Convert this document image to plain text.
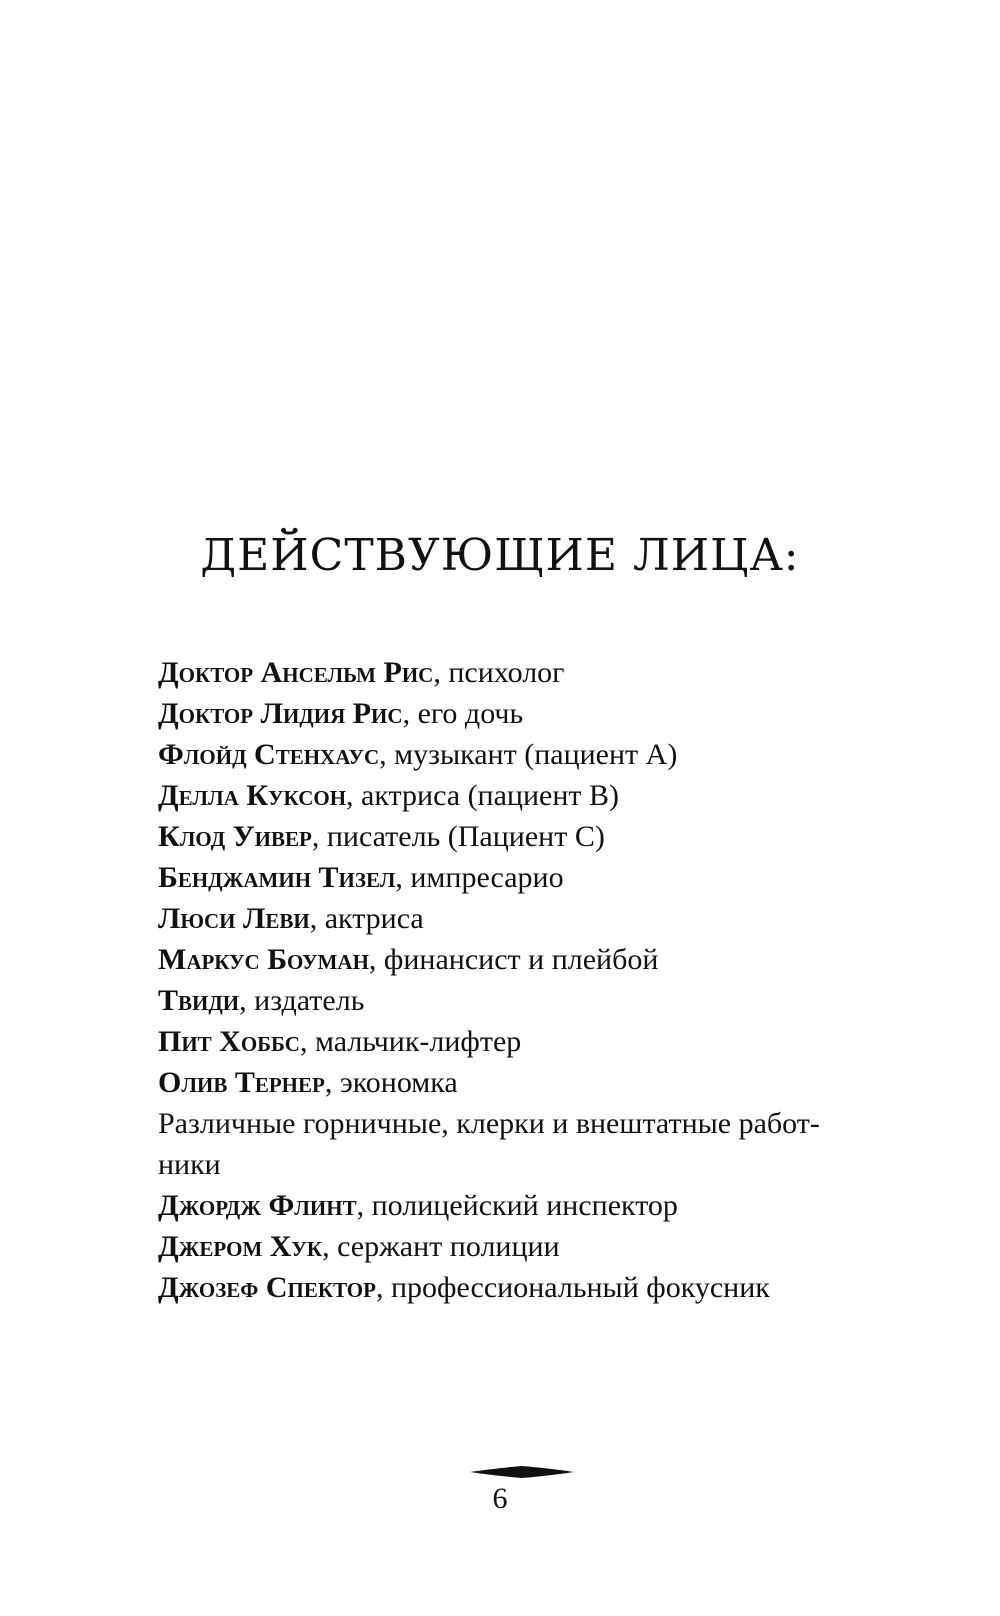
ДЕЙСТВУЮЩИЕ ЛИЦА:
Доктор Ансельм Рис, психолог
Доктор Лидия Рис, его дочь
Флойд Стенхаус, музыкант (пациент А)
Делла Куксон, актриса (пациент В)
Клод Уивер, писатель (Пациент С)
Бенджамин Тизел, импресарио
Люси Леви, актриса
Маркус Боуман, финансист и плейбой
Твиди, издатель
Пит Хоббс, мальчик-лифтер
Олив Тернер, экономка
Различные горничные, клерки и внештатные работ-
ники
Джордж Флинт, полицейский инспектор
Джером Хук, сержант полиции
Джозеф Спектор, профессиональный фокусник
6
